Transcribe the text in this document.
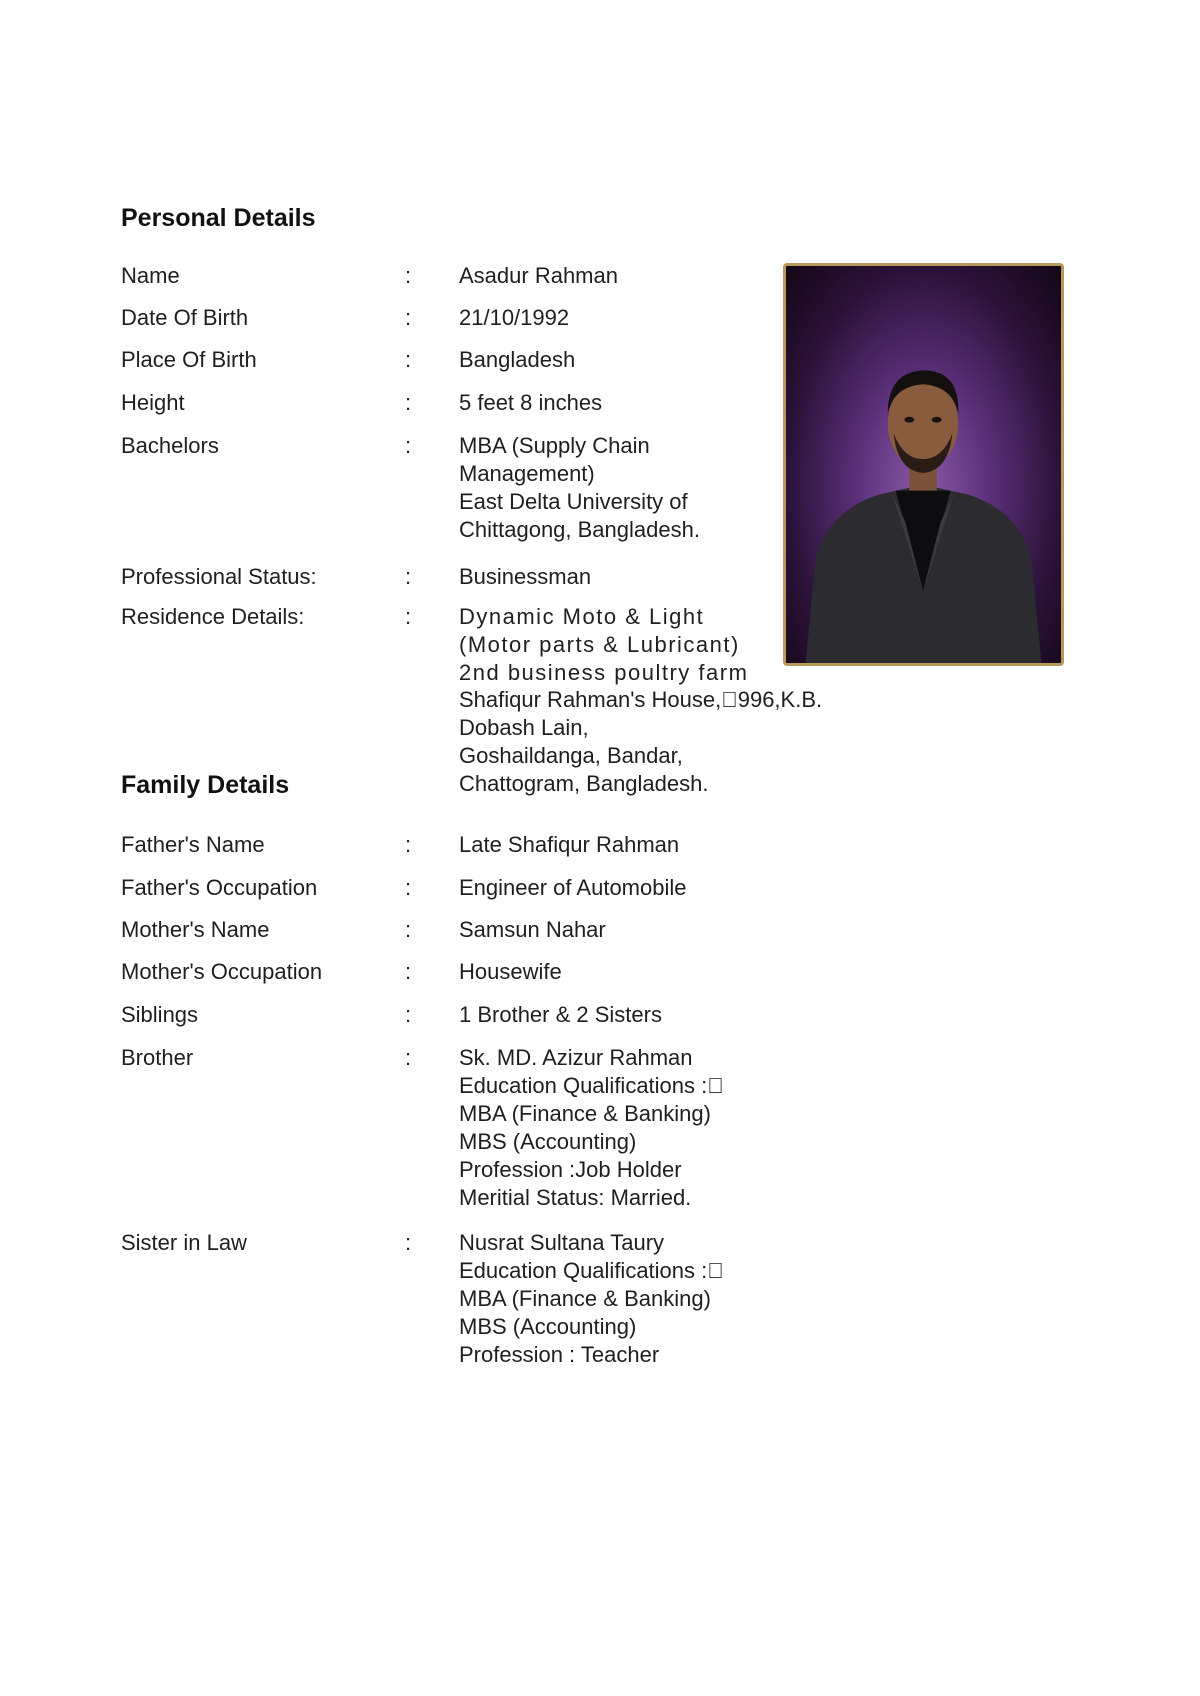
Personal Details
Name	: Asadur Rahman
Date Of Birth	: 21/10/1992
Place Of Birth	: Bangladesh
Height	: 5 feet 8 inches
Bachelors	: MBA (Supply Chain
Management)
East Delta University of
Chittagong, Bangladesh.
Professional Status:	: Businessman
Residence Details:	: Dynamic Moto & Light
(Motor parts & Lubricant)
2nd business poultry farm
Shafiqur Rahman's House, 996,K.B.
Dobash Lain,
Goshaildanga, Bandar,
Chattogram, Bangladesh.
Family Details
Father's Name	: Late Shafiqur Rahman
Father's Occupation	: Engineer of Automobile
Mother's Name	: Samsun Nahar
Mother's Occupation	: Housewife
Siblings	: 1 Brother & 2 Sisters
Brother	: Sk. MD. Azizur Rahman
Education Qualifications : 
MBA (Finance & Banking)
MBS (Accounting)
Profession :Job Holder
Meritial Status: Married.
Sister in Law	: Nusrat Sultana Taury
Education Qualifications : 
MBA (Finance & Banking)
MBS (Accounting)
Profession : Teacher
